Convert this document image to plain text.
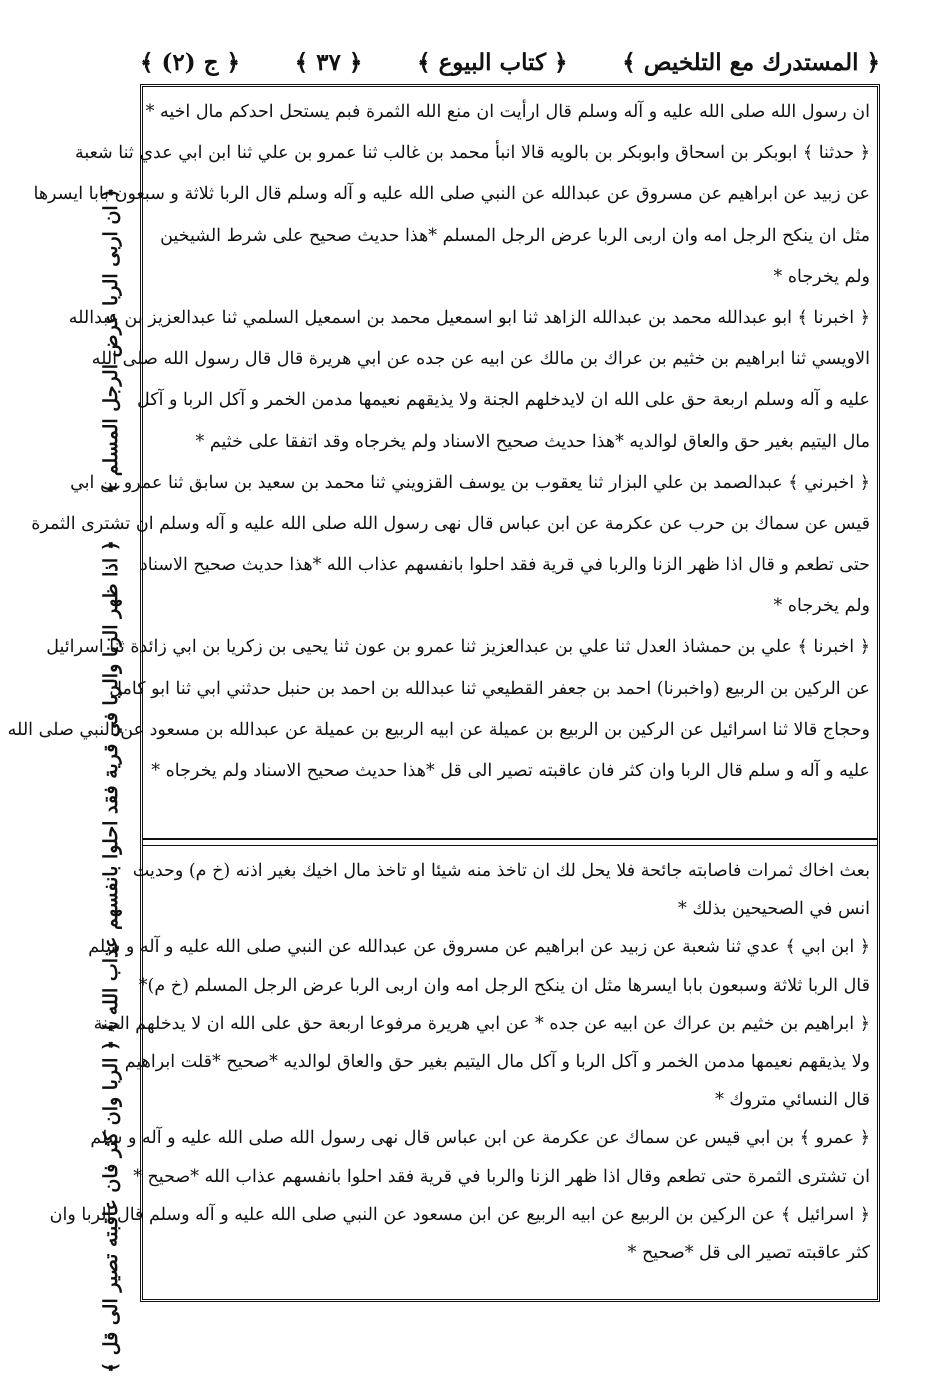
﴿ المستدرك مع التلخيص ﴾
﴿ كتاب البيوع ﴾
﴿ ٣٧ ﴾
﴿ ج (٢) ﴾
ان رسول الله صلى الله عليه و آله وسلم قال ارأيت ان منع الله الثمرة فبم يستحل احدكم مال اخيه *
﴿ حدثنا ﴾ ابوبكر بن اسحاق وابوبكر بن بالويه قالا انبأ محمد بن غالب ثنا عمرو بن علي ثنا ابن ابي عدي ثنا شعبة
عن زبيد عن ابراهيم عن مسروق عن عبدالله عن النبي صلى الله عليه و آله وسلم قال الربا ثلاثة و سبعون بابا ايسرها
مثل ان ينكح الرجل امه وان اربى الربا عرض الرجل المسلم *هذا حديث صحيح على شرط الشيخين
ولم يخرجاه *
﴿ اخبرنا ﴾ ابو عبدالله محمد بن عبدالله الزاهد ثنا ابو اسمعيل محمد بن اسمعيل السلمي ثنا عبدالعزيز بن عبدالله
الاويسي ثنا ابراهيم بن خثيم بن عراك بن مالك عن ابيه عن جده عن ابي هريرة قال قال رسول الله صلى الله
عليه و آله وسلم اربعة حق على الله ان لايدخلهم الجنة ولا يذيقهم نعيمها مدمن الخمر و آكل الربا و آكل
مال اليتيم بغير حق والعاق لوالديه *هذا حديث صحيح الاسناد ولم يخرجاه وقد اتفقا على خثيم *
﴿ اخبرني ﴾ عبدالصمد بن علي البزار ثنا يعقوب بن يوسف القزويني ثنا محمد بن سعيد بن سابق ثنا عمرو بن ابي
قيس عن سماك بن حرب عن عكرمة عن ابن عباس قال نهى رسول الله صلى الله عليه و آله وسلم ان تشترى الثمرة
حتى تطعم و قال اذا ظهر الزنا والربا في قرية فقد احلوا بانفسهم عذاب الله *هذا حديث صحيح الاسناد
ولم يخرجاه *
﴿ اخبرنا ﴾ علي بن حمشاذ العدل ثنا علي بن عبدالعزيز ثنا عمرو بن عون ثنا يحيى بن زكريا بن ابي زائدة ثنا اسرائيل
عن الركين بن الربيع (واخبرنا) احمد بن جعفر القطيعي ثنا عبدالله بن احمد بن حنبل حدثني ابي ثنا ابو كامل
وحجاج قالا ثنا اسرائيل عن الركين بن الربيع بن عميلة عن ابيه الربيع بن عميلة عن عبدالله بن مسعود عن النبي صلى الله
عليه و آله و سلم قال الربا وان كثر فان عاقبته تصير الى قل *هذا حديث صحيح الاسناد ولم يخرجاه *
بعث اخاك ثمرات فاصابته جائحة فلا يحل لك ان تاخذ منه شيئا او تاخذ مال اخيك بغير اذنه (خ م) وحديث
انس في الصحيحين بذلك *
﴿ ابن ابي ﴾ عدي ثنا شعبة عن زبيد عن ابراهيم عن مسروق عن عبدالله عن النبي صلى الله عليه و آله و سلم
قال الربا ثلاثة وسبعون بابا ايسرها مثل ان ينكح الرجل امه وان اربى الربا عرض الرجل المسلم (خ م)*
﴿ ابراهيم بن خثيم بن عراك عن ابيه عن جده * عن ابي هريرة مرفوعا اربعة حق على الله ان لا يدخلهم الجنة
ولا يذيقهم نعيمها مدمن الخمر و آكل الربا و آكل مال اليتيم بغير حق والعاق لوالديه *صحيح *قلت ابراهيم
قال النسائي متروك *
﴿ عمرو ﴾ بن ابي قيس عن سماك عن عكرمة عن ابن عباس قال نهى رسول الله صلى الله عليه و آله و سلم
ان تشترى الثمرة حتى تطعم وقال اذا ظهر الزنا والربا في قرية فقد احلوا بانفسهم عذاب الله *صحيح *
﴿ اسرائيل ﴾ عن الركين بن الربيع عن ابيه الربيع عن ابن مسعود عن النبي صلى الله عليه و آله وسلم قال الربا وان
كثر عاقبته تصير الى قل *صحيح *
﴿ ان اربى الربا عرض الرجل المسلم ﴾
﴿ اذا ظهر الزنا والربا في قرية فقد احلوا بانفسهم عذاب الله ﴾
﴿ الربا وان كثر فان عاقبته تصير الى قل ﴾
